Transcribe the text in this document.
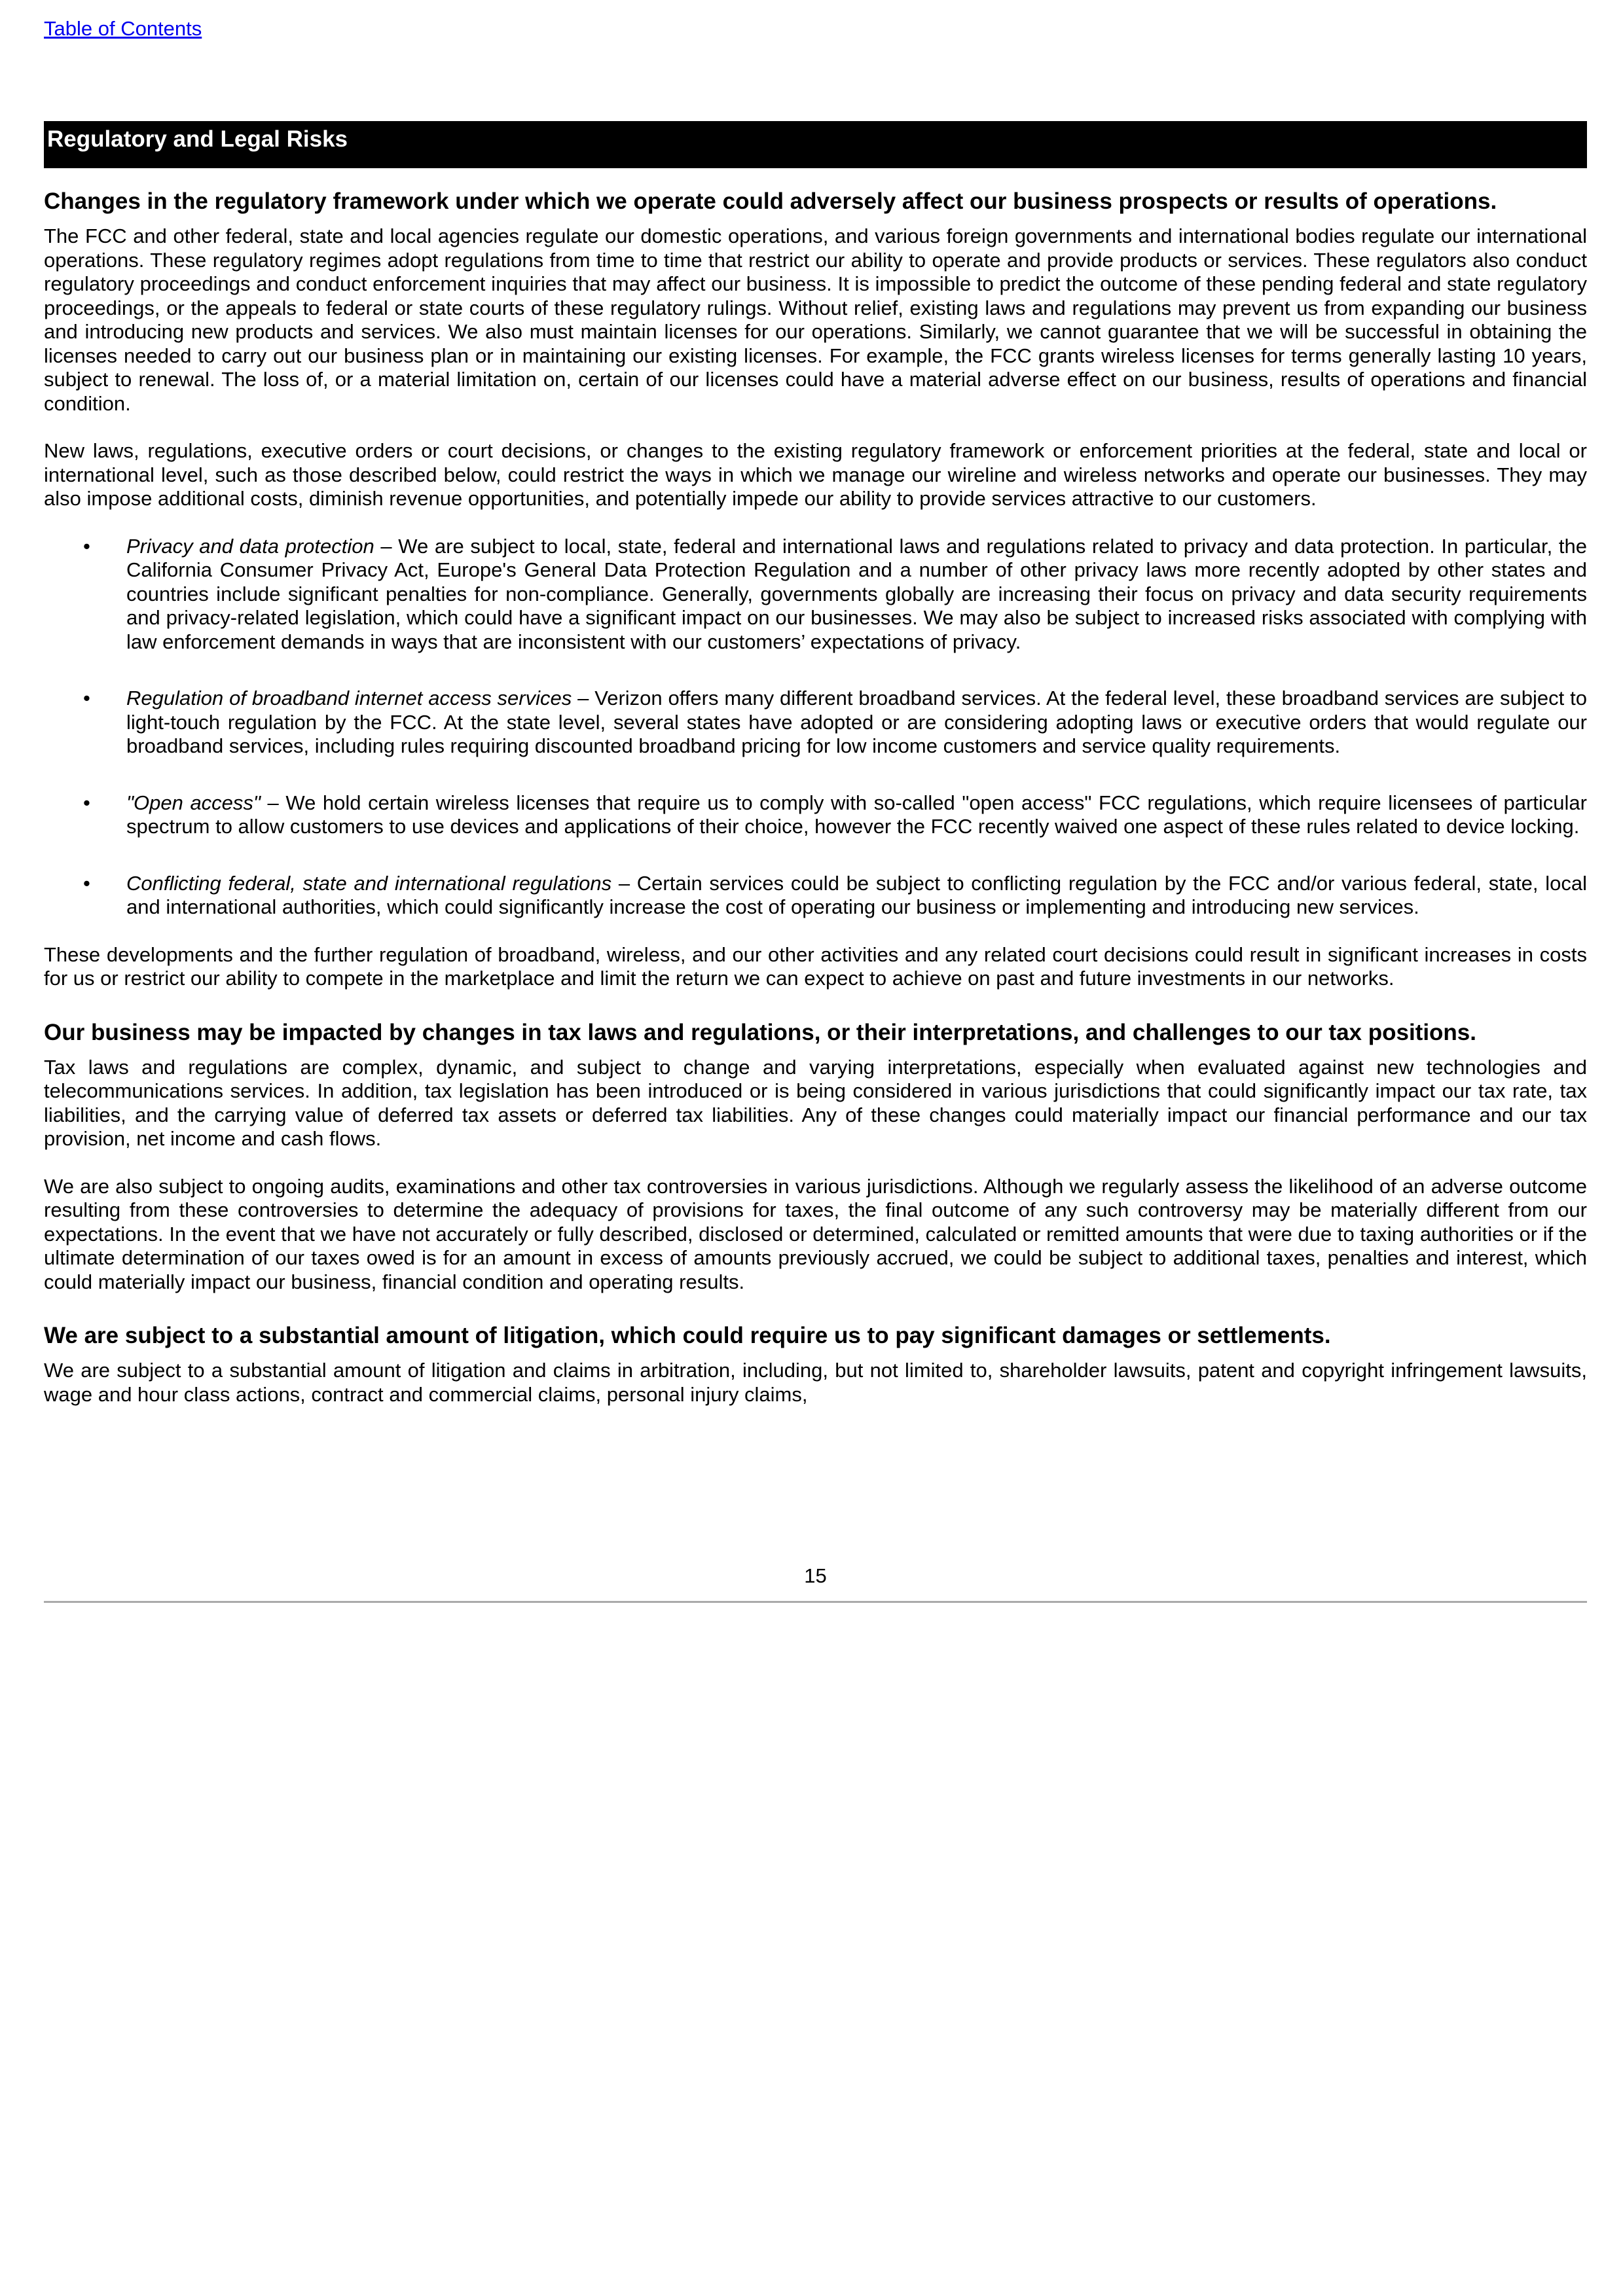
Table of Contents
Regulatory and Legal Risks
Changes in the regulatory framework under which we operate could adversely affect our business prospects or results of operations.

The FCC and other federal, state and local agencies regulate our domestic operations, and various foreign governments and international bodies regulate our international operations. These regulatory regimes adopt regulations from time to time that restrict our ability to operate and provide products or services. These regulators also conduct regulatory proceedings and conduct enforcement inquiries that may affect our business. It is impossible to predict the outcome of these pending federal and state regulatory proceedings, or the appeals to federal or state courts of these regulatory rulings. Without relief, existing laws and regulations may prevent us from expanding our business and introducing new products and services. We also must maintain licenses for our operations. Similarly, we cannot guarantee that we will be successful in obtaining the licenses needed to carry out our business plan or in maintaining our existing licenses. For example, the FCC grants wireless licenses for terms generally lasting 10 years, subject to renewal. The loss of, or a material limitation on, certain of our licenses could have a material adverse effect on our business, results of operations and financial condition.

New laws, regulations, executive orders or court decisions, or changes to the existing regulatory framework or enforcement priorities at the federal, state and local or international level, such as those described below, could restrict the ways in which we manage our wireline and wireless networks and operate our businesses. They may also impose additional costs, diminish revenue opportunities, and potentially impede our ability to provide services attractive to our customers.

• Privacy and data protection – We are subject to local, state, federal and international laws and regulations related to privacy and data protection. In particular, the California Consumer Privacy Act, Europe's General Data Protection Regulation and a number of other privacy laws more recently adopted by other states and countries include significant penalties for non-compliance. Generally, governments globally are increasing their focus on privacy and data security requirements and privacy-related legislation, which could have a significant impact on our businesses. We may also be subject to increased risks associated with complying with law enforcement demands in ways that are inconsistent with our customers’ expectations of privacy.
• Regulation of broadband internet access services – Verizon offers many different broadband services. At the federal level, these broadband services are subject to light-touch regulation by the FCC. At the state level, several states have adopted or are considering adopting laws or executive orders that would regulate our broadband services, including rules requiring discounted broadband pricing for low income customers and service quality requirements.
• "Open access" – We hold certain wireless licenses that require us to comply with so-called "open access" FCC regulations, which require licensees of particular spectrum to allow customers to use devices and applications of their choice, however the FCC recently waived one aspect of these rules related to device locking.
• Conflicting federal, state and international regulations – Certain services could be subject to conflicting regulation by the FCC and/or various federal, state, local and international authorities, which could significantly increase the cost of operating our business or implementing and introducing new services.

These developments and the further regulation of broadband, wireless, and our other activities and any related court decisions could result in significant increases in costs for us or restrict our ability to compete in the marketplace and limit the return we can expect to achieve on past and future investments in our networks.

Our business may be impacted by changes in tax laws and regulations, or their interpretations, and challenges to our tax positions.

Tax laws and regulations are complex, dynamic, and subject to change and varying interpretations, especially when evaluated against new technologies and telecommunications services. In addition, tax legislation has been introduced or is being considered in various jurisdictions that could significantly impact our tax rate, tax liabilities, and the carrying value of deferred tax assets or deferred tax liabilities. Any of these changes could materially impact our financial performance and our tax provision, net income and cash flows.

We are also subject to ongoing audits, examinations and other tax controversies in various jurisdictions. Although we regularly assess the likelihood of an adverse outcome resulting from these controversies to determine the adequacy of provisions for taxes, the final outcome of any such controversy may be materially different from our expectations. In the event that we have not accurately or fully described, disclosed or determined, calculated or remitted amounts that were due to taxing authorities or if the ultimate determination of our taxes owed is for an amount in excess of amounts previously accrued, we could be subject to additional taxes, penalties and interest, which could materially impact our business, financial condition and operating results.

We are subject to a substantial amount of litigation, which could require us to pay significant damages or settlements.

We are subject to a substantial amount of litigation and claims in arbitration, including, but not limited to, shareholder lawsuits, patent and copyright infringement lawsuits, wage and hour class actions, contract and commercial claims, personal injury claims,

15
